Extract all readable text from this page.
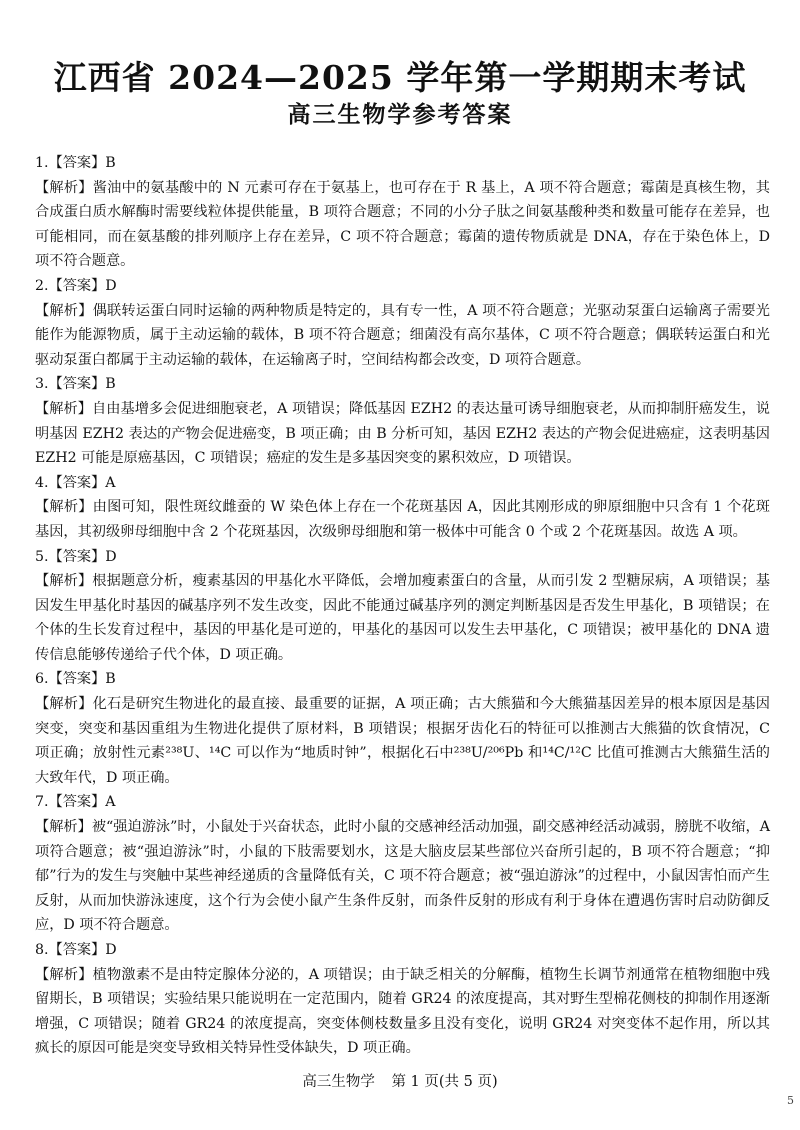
江西省 2024—2025 学年第一学期期末考试
高三生物学参考答案
1.【答案】B
【解析】酱油中的氨基酸中的 N 元素可存在于氨基上，也可存在于 R 基上，A 项不符合题意；霉菌是真核生物，其合成蛋白质水解酶时需要线粒体提供能量，B 项符合题意；不同的小分子肽之间氨基酸种类和数量可能存在差异，也可能相同，而在氨基酸的排列顺序上存在差异，C 项不符合题意；霉菌的遗传物质就是 DNA，存在于染色体上，D 项不符合题意。
2.【答案】D
【解析】偶联转运蛋白同时运输的两种物质是特定的，具有专一性，A 项不符合题意；光驱动泵蛋白运输离子需要光能作为能源物质，属于主动运输的载体，B 项不符合题意；细菌没有高尔基体，C 项不符合题意；偶联转运蛋白和光驱动泵蛋白都属于主动运输的载体，在运输离子时，空间结构都会改变，D 项符合题意。
3.【答案】B
【解析】自由基增多会促进细胞衰老，A 项错误；降低基因 EZH2 的表达量可诱导细胞衰老，从而抑制肝癌发生，说明基因 EZH2 表达的产物会促进癌变，B 项正确；由 B 分析可知，基因 EZH2 表达的产物会促进癌症，这表明基因 EZH2 可能是原癌基因，C 项错误；癌症的发生是多基因突变的累积效应，D 项错误。
4.【答案】A
【解析】由图可知，限性斑纹雌蚕的 W 染色体上存在一个花斑基因 A，因此其刚形成的卵原细胞中只含有 1 个花斑基因，其初级卵母细胞中含 2 个花斑基因，次级卵母细胞和第一极体中可能含 0 个或 2 个花斑基因。故选 A 项。
5.【答案】D
【解析】根据题意分析，瘦素基因的甲基化水平降低，会增加瘦素蛋白的含量，从而引发 2 型糖尿病，A 项错误；基因发生甲基化时基因的碱基序列不发生改变，因此不能通过碱基序列的测定判断基因是否发生甲基化，B 项错误；在个体的生长发育过程中，基因的甲基化是可逆的，甲基化的基因可以发生去甲基化，C 项错误；被甲基化的 DNA 遗传信息能够传递给子代个体，D 项正确。
6.【答案】B
【解析】化石是研究生物进化的最直接、最重要的证据，A 项正确；古大熊猫和今大熊猫基因差异的根本原因是基因突变，突变和基因重组为生物进化提供了原材料，B 项错误；根据牙齿化石的特征可以推测古大熊猫的饮食情况，C 项正确；放射性元素²³⁸U、¹⁴C 可以作为“地质时钟”，根据化石中²³⁸U/²⁰⁶Pb 和¹⁴C/¹²C 比值可推测古大熊猫生活的大致年代，D 项正确。
7.【答案】A
【解析】被“强迫游泳”时，小鼠处于兴奋状态，此时小鼠的交感神经活动加强，副交感神经活动减弱，膀胱不收缩，A 项符合题意；被“强迫游泳”时，小鼠的下肢需要划水，这是大脑皮层某些部位兴奋所引起的，B 项不符合题意；“抑郁”行为的发生与突触中某些神经递质的含量降低有关，C 项不符合题意；被“强迫游泳”的过程中，小鼠因害怕而产生反射，从而加快游泳速度，这个行为会使小鼠产生条件反射，而条件反射的形成有利于身体在遭遇伤害时启动防御反应，D 项不符合题意。
8.【答案】D
【解析】植物激素不是由特定腺体分泌的，A 项错误；由于缺乏相关的分解酶，植物生长调节剂通常在植物细胞中残留期长，B 项错误；实验结果只能说明在一定范围内，随着 GR24 的浓度提高，其对野生型棉花侧枝的抑制作用逐渐增强，C 项错误；随着 GR24 的浓度提高，突变体侧枝数量多且没有变化，说明 GR24 对突变体不起作用，所以其疯长的原因可能是突变导致相关特异性受体缺失，D 项正确。
高三生物学 第 1 页(共 5 页)
5
